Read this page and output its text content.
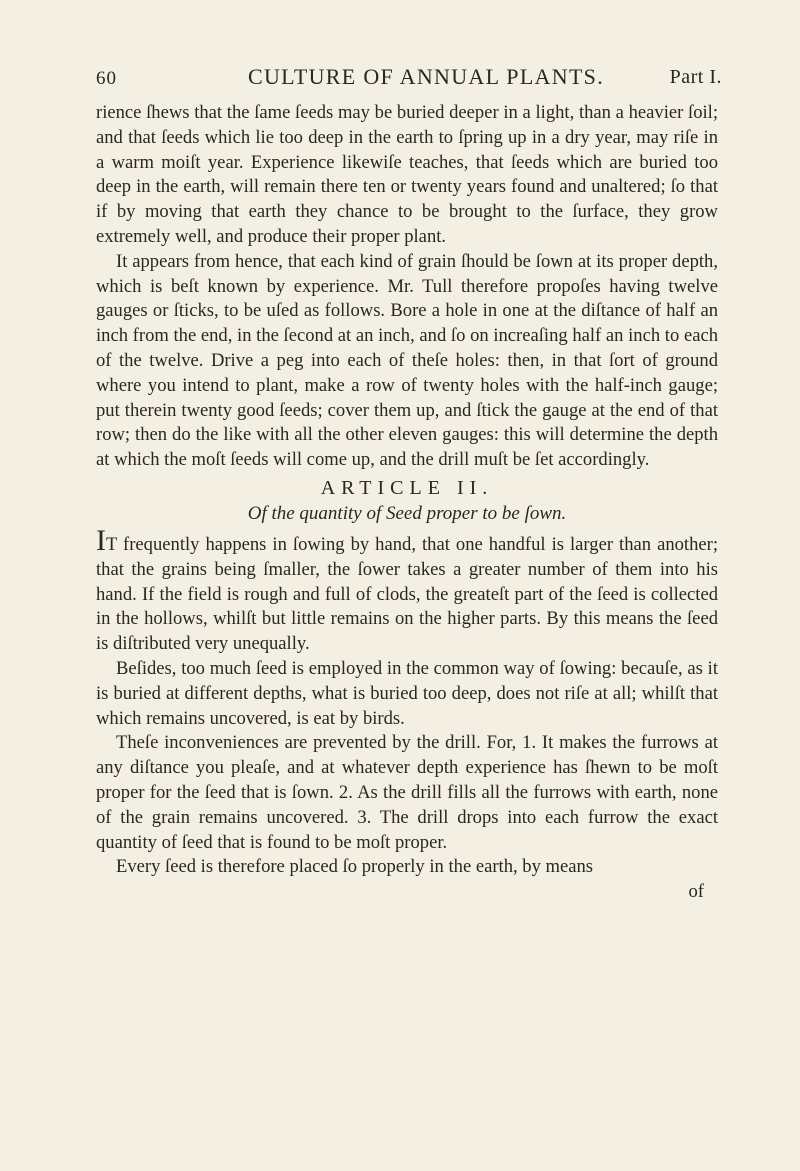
60	CULTURE OF ANNUAL PLANTS.	Part I.

rience ſhews that the ſame ſeeds may be buried deeper in a light, than a heavier ſoil; and that ſeeds which lie too deep in the earth to ſpring up in a dry year, may riſe in a warm moiſt year. Experience likewiſe teaches, that ſeeds which are buried too deep in the earth, will remain there ten or twenty years found and unaltered; ſo that if by moving that earth they chance to be brought to the ſurface, they grow extremely well, and produce their proper plant.

It appears from hence, that each kind of grain ſhould be ſown at its proper depth, which is beſt known by experience. Mr. Tull therefore propoſes having twelve gauges or ſticks, to be uſed as follows. Bore a hole in one at the diſtance of half an inch from the end, in the ſecond at an inch, and ſo on increaſing half an inch to each of the twelve. Drive a peg into each of theſe holes: then, in that ſort of ground where you intend to plant, make a row of twenty holes with the half-inch gauge; put therein twenty good ſeeds; cover them up, and ſtick the gauge at the end of that row; then do the like with all the other eleven gauges: this will determine the depth at which the moſt ſeeds will come up, and the drill muſt be ſet accordingly.

ARTICLE II.
Of the quantity of Seed proper to be ſown.

IT frequently happens in ſowing by hand, that one handful is larger than another; that the grains being ſmaller, the ſower takes a greater number of them into his hand. If the field is rough and full of clods, the greateſt part of the ſeed is collected in the hollows, whilſt but little remains on the higher parts. By this means the ſeed is diſtributed very unequally.

Beſides, too much ſeed is employed in the common way of ſowing: becauſe, as it is buried at different depths, what is buried too deep, does not riſe at all; whilſt that which remains uncovered, is eat by birds.

Theſe inconveniences are prevented by the drill. For, 1. It makes the furrows at any diſtance you pleaſe, and at whatever depth experience has ſhewn to be moſt proper for the ſeed that is ſown. 2. As the drill fills all the furrows with earth, none of the grain remains uncovered. 3. The drill drops into each furrow the exact quantity of ſeed that is found to be moſt proper.

Every ſeed is therefore placed ſo properly in the earth, by means

of
